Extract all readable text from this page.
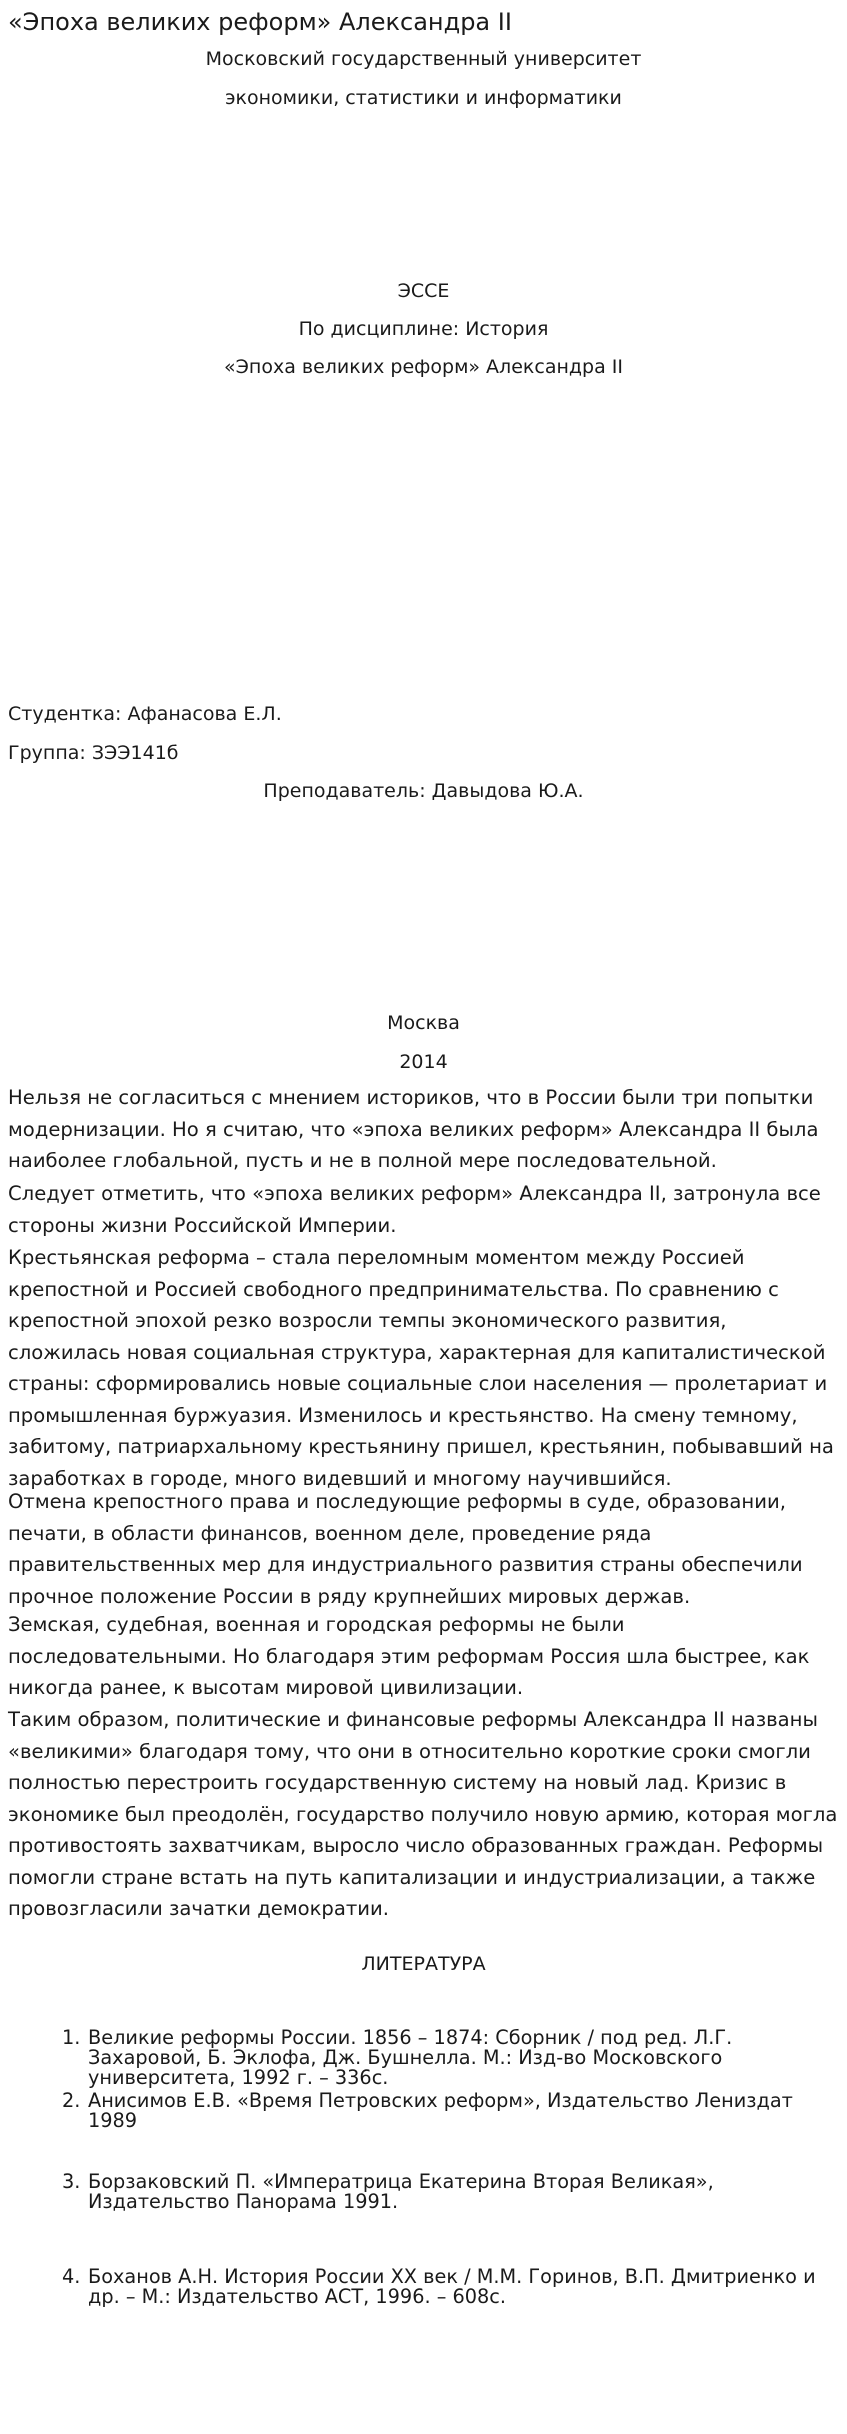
«Эпоха великих реформ» Александра II

Московский государственный университет

экономики, статистики и информатики

ЭССЕ

По дисциплине: История

«Эпоха великих реформ» Александра II

Студентка: Афанасова Е.Л.

Группа: ЗЭЭ141б

Преподаватель: Давыдова Ю.А.

Москва

2014

Нельзя не согласиться с мнением историков, что в России были три попытки модернизации. Но я считаю, что «эпоха великих реформ» Александра II была наиболее глобальной, пусть и не в полной мере последовательной.

Следует отметить, что «эпоха великих реформ» Александра II, затронула все стороны жизни Российской Империи.

Крестьянская реформа – стала переломным моментом между Россией крепостной и Россией свободного предпринимательства. По сравнению с крепостной эпохой резко возросли темпы экономического развития, сложилась новая социальная структура, характерная для капиталистической страны: сформировались новые социальные слои населения — пролетариат и промышленная буржуазия. Изменилось и крестьянство. На смену темному, забитому, патриархальному крестьянину пришел, крестьянин, побывавший на заработках в городе, много видевший и многому научившийся.

Отмена крепостного права и последующие реформы в суде, образовании, печати, в области финансов, военном деле, проведение ряда правительственных мер для индустриального развития страны обеспечили прочное положение России в ряду крупнейших мировых держав.

Земская, судебная, военная и городская реформы не были последовательными. Но благодаря этим реформам Россия шла быстрее, как никогда ранее, к высотам мировой цивилизации.

Таким образом, политические и финансовые реформы Александра II названы «великими» благодаря тому, что они в относительно короткие сроки смогли полностью перестроить государственную систему на новый лад. Кризис в экономике был преодолён, государство получило новую армию, которая могла противостоять захватчикам, выросло число образованных граждан. Реформы помогли стране встать на путь капитализации и индустриализации, а также провозгласили зачатки демократии.

ЛИТЕРАТУРА

1. Великие реформы России. 1856 – 1874: Сборник / под ред. Л.Г. Захаровой, Б. Эклофа, Дж. Бушнелла. М.: Изд-во Московского университета, 1992 г. – 336с.
2. Анисимов Е.В. «Время Петровских реформ», Издательство Лениздат 1989
3. Борзаковский П. «Императрица Екатерина Вторая Великая», Издательство Панорама 1991.
4. Боханов А.Н. История России XX век / М.М. Горинов, В.П. Дмитриенко и др. – М.: Издательство АСТ, 1996. – 608с.
